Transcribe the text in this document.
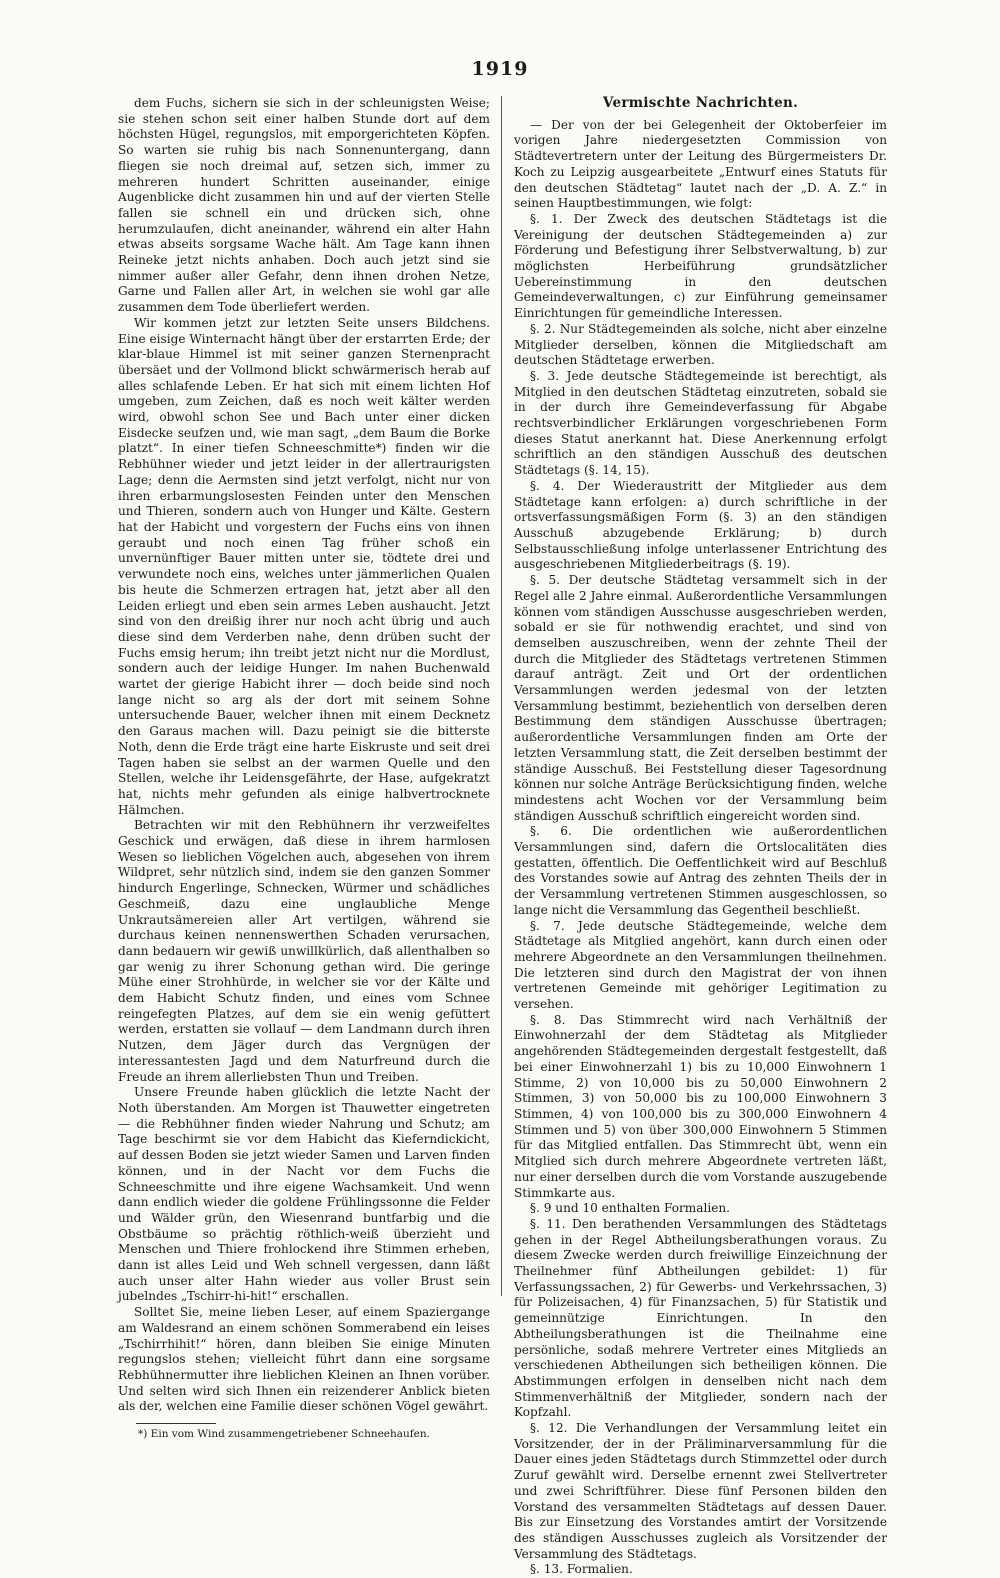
1919

dem Fuchs, sichern sie sich in der schleunigsten Weise; sie stehen schon seit einer halben Stunde dort auf dem höchsten Hügel, regungslos, mit emporgerichteten Köpfen. So warten sie ruhig bis nach Sonnenuntergang, dann fliegen sie noch dreimal auf, setzen sich, immer zu mehreren hundert Schritten auseinander, einige Augenblicke dicht zusammen hin und auf der vierten Stelle fallen sie schnell ein und drücken sich, ohne herumzulaufen, dicht aneinander, während ein alter Hahn etwas abseits sorgsame Wache hält. Am Tage kann ihnen Reineke jetzt nichts anhaben. Doch auch jetzt sind sie nimmer außer aller Gefahr, denn ihnen drohen Netze, Garne und Fallen aller Art, in welchen sie wohl gar alle zusammen dem Tode überliefert werden.

Wir kommen jetzt zur letzten Seite unsers Bildchens. Eine eisige Winternacht hängt über der erstarrten Erde; der klar-blaue Himmel ist mit seiner ganzen Sternenpracht übersäet und der Vollmond blickt schwärmerisch herab auf alles schlafende Leben. Er hat sich mit einem lichten Hof umgeben, zum Zeichen, daß es noch weit kälter werden wird, obwohl schon See und Bach unter einer dicken Eisdecke seufzen und, wie man sagt, „dem Baum die Borke platzt“. In einer tiefen Schneeschmitte*) finden wir die Rebhühner wieder und jetzt leider in der allertraurigsten Lage; denn die Aermsten sind jetzt verfolgt, nicht nur von ihren erbarmungslosesten Feinden unter den Menschen und Thieren, sondern auch von Hunger und Kälte. Gestern hat der Habicht und vorgestern der Fuchs eins von ihnen geraubt und noch einen Tag früher schoß ein unvernünftiger Bauer mitten unter sie, tödtete drei und verwundete noch eins, welches unter jämmerlichen Qualen bis heute die Schmerzen ertragen hat, jetzt aber all den Leiden erliegt und eben sein armes Leben aushaucht. Jetzt sind von den dreißig ihrer nur noch acht übrig und auch diese sind dem Verderben nahe, denn drüben sucht der Fuchs emsig herum; ihn treibt jetzt nicht nur die Mordlust, sondern auch der leidige Hunger. Im nahen Buchenwald wartet der gierige Habicht ihrer — doch beide sind noch lange nicht so arg als der dort mit seinem Sohne untersuchende Bauer, welcher ihnen mit einem Decknetz den Garaus machen will. Dazu peinigt sie die bitterste Noth, denn die Erde trägt eine harte Eiskruste und seit drei Tagen haben sie selbst an der warmen Quelle und den Stellen, welche ihr Leidensgefährte, der Hase, aufgekratzt hat, nichts mehr gefunden als einige halbvertrocknete Hälmchen.

Betrachten wir mit den Rebhühnern ihr verzweifeltes Geschick und erwägen, daß diese in ihrem harmlosen Wesen so lieblichen Vögelchen auch, abgesehen von ihrem Wildpret, sehr nützlich sind, indem sie den ganzen Sommer hindurch Engerlinge, Schnecken, Würmer und schädliches Geschmeiß, dazu eine unglaubliche Menge Unkrautsämereien aller Art vertilgen, während sie durchaus keinen nennenswerthen Schaden verursachen, dann bedauern wir gewiß unwillkürlich, daß allenthalben so gar wenig zu ihrer Schonung gethan wird. Die geringe Mühe einer Strohhürde, in welcher sie vor der Kälte und dem Habicht Schutz finden, und eines vom Schnee reingefegten Platzes, auf dem sie ein wenig gefüttert werden, erstatten sie vollauf — dem Landmann durch ihren Nutzen, dem Jäger durch das Vergnügen der interessantesten Jagd und dem Naturfreund durch die Freude an ihrem allerliebsten Thun und Treiben.

Unsere Freunde haben glücklich die letzte Nacht der Noth überstanden. Am Morgen ist Thauwetter eingetreten — die Rebhühner finden wieder Nahrung und Schutz; am Tage beschirmt sie vor dem Habicht das Kieferndickicht, auf dessen Boden sie jetzt wieder Samen und Larven finden können, und in der Nacht vor dem Fuchs die Schneeschmitte und ihre eigene Wachsamkeit. Und wenn dann endlich wieder die goldene Frühlingssonne die Felder und Wälder grün, den Wiesenrand buntfarbig und die Obstbäume so prächtig röthlich-weiß überzieht und Menschen und Thiere frohlockend ihre Stimmen erheben, dann ist alles Leid und Weh schnell vergessen, dann läßt auch unser alter Hahn wieder aus voller Brust sein jubelndes „Tschirr-hi-hit!“ erschallen.

Solltet Sie, meine lieben Leser, auf einem Spaziergange am Waldesrand an einem schönen Sommerabend ein leises „Tschirrhihit!“ hören, dann bleiben Sie einige Minuten regungslos stehen; vielleicht führt dann eine sorgsame Rebhühnermutter ihre lieblichen Kleinen an Ihnen vorüber. Und selten wird sich Ihnen ein reizenderer Anblick bieten als der, welchen eine Familie dieser schönen Vögel gewährt.

*) Ein vom Wind zusammengetriebener Schneehaufen.

Vermischte Nachrichten.

— Der von der bei Gelegenheit der Oktoberfeier im vorigen Jahre niedergesetzten Commission von Städtevertretern unter der Leitung des Bürgermeisters Dr. Koch zu Leipzig ausgearbeitete „Entwurf eines Statuts für den deutschen Städtetag“ lautet nach der „D. A. Z.“ in seinen Hauptbestimmungen, wie folgt:

§. 1. Der Zweck des deutschen Städtetags ist die Vereinigung der deutschen Städtegemeinden a) zur Förderung und Befestigung ihrer Selbstverwaltung, b) zur möglichsten Herbeiführung grundsätzlicher Uebereinstimmung in den deutschen Gemeindeverwaltungen, c) zur Einführung gemeinsamer Einrichtungen für gemeindliche Interessen.

§. 2. Nur Städtegemeinden als solche, nicht aber einzelne Mitglieder derselben, können die Mitgliedschaft am deutschen Städtetage erwerben.

§. 3. Jede deutsche Städtegemeinde ist berechtigt, als Mitglied in den deutschen Städtetag einzutreten, sobald sie in der durch ihre Gemeindeverfassung für Abgabe rechtsverbindlicher Erklärungen vorgeschriebenen Form dieses Statut anerkannt hat. Diese Anerkennung erfolgt schriftlich an den ständigen Ausschuß des deutschen Städtetags (§. 14, 15).

§. 4. Der Wiederaustritt der Mitglieder aus dem Städtetage kann erfolgen: a) durch schriftliche in der ortsverfassungsmäßigen Form (§. 3) an den ständigen Ausschuß abzugebende Erklärung; b) durch Selbstausschließung infolge unterlassener Entrichtung des ausgeschriebenen Mitgliederbeitrags (§. 19).

§. 5. Der deutsche Städtetag versammelt sich in der Regel alle 2 Jahre einmal. Außerordentliche Versammlungen können vom ständigen Ausschusse ausgeschrieben werden, sobald er sie für nothwendig erachtet, und sind von demselben auszuschreiben, wenn der zehnte Theil der durch die Mitglieder des Städtetags vertretenen Stimmen darauf anträgt. Zeit und Ort der ordentlichen Versammlungen werden jedesmal von der letzten Versammlung bestimmt, beziehentlich von derselben deren Bestimmung dem ständigen Ausschusse übertragen; außerordentliche Versammlungen finden am Orte der letzten Versammlung statt, die Zeit derselben bestimmt der ständige Ausschuß. Bei Feststellung dieser Tagesordnung können nur solche Anträge Berücksichtigung finden, welche mindestens acht Wochen vor der Versammlung beim ständigen Ausschuß schriftlich eingereicht worden sind.

§. 6. Die ordentlichen wie außerordentlichen Versammlungen sind, dafern die Ortslocalitäten dies gestatten, öffentlich. Die Oeffentlichkeit wird auf Beschluß des Vorstandes sowie auf Antrag des zehnten Theils der in der Versammlung vertretenen Stimmen ausgeschlossen, so lange nicht die Versammlung das Gegentheil beschließt.

§. 7. Jede deutsche Städtegemeinde, welche dem Städtetage als Mitglied angehört, kann durch einen oder mehrere Abgeordnete an den Versammlungen theilnehmen. Die letzteren sind durch den Magistrat der von ihnen vertretenen Gemeinde mit gehöriger Legitimation zu versehen.

§. 8. Das Stimmrecht wird nach Verhältniß der Einwohnerzahl der dem Städtetag als Mitglieder angehörenden Städtegemeinden dergestalt festgestellt, daß bei einer Einwohnerzahl 1) bis zu 10,000 Einwohnern 1 Stimme, 2) von 10,000 bis zu 50,000 Einwohnern 2 Stimmen, 3) von 50,000 bis zu 100,000 Einwohnern 3 Stimmen, 4) von 100,000 bis zu 300,000 Einwohnern 4 Stimmen und 5) von über 300,000 Einwohnern 5 Stimmen für das Mitglied entfallen. Das Stimmrecht übt, wenn ein Mitglied sich durch mehrere Abgeordnete vertreten läßt, nur einer derselben durch die vom Vorstande auszugebende Stimmkarte aus.

§. 9 und 10 enthalten Formalien.

§. 11. Den berathenden Versammlungen des Städtetags gehen in der Regel Abtheilungsberathungen voraus. Zu diesem Zwecke werden durch freiwillige Einzeichnung der Theilnehmer fünf Abtheilungen gebildet: 1) für Verfassungssachen, 2) für Gewerbs- und Verkehrssachen, 3) für Polizeisachen, 4) für Finanzsachen, 5) für Statistik und gemeinnützige Einrichtungen. In den Abtheilungsberathungen ist die Theilnahme eine persönliche, sodaß mehrere Vertreter eines Mitglieds an verschiedenen Abtheilungen sich betheiligen können. Die Abstimmungen erfolgen in denselben nicht nach dem Stimmenverhältniß der Mitglieder, sondern nach der Kopfzahl.

§. 12. Die Verhandlungen der Versammlung leitet ein Vorsitzender, der in der Präliminarversammlung für die Dauer eines jeden Städtetags durch Stimmzettel oder durch Zuruf gewählt wird. Derselbe ernennt zwei Stellvertreter und zwei Schriftführer. Diese fünf Personen bilden den Vorstand des versammelten Städtetags auf dessen Dauer. Bis zur Einsetzung des Vorstandes amtirt der Vorsitzende des ständigen Ausschusses zugleich als Vorsitzender der Versammlung des Städtetags.

§. 13. Formalien.
